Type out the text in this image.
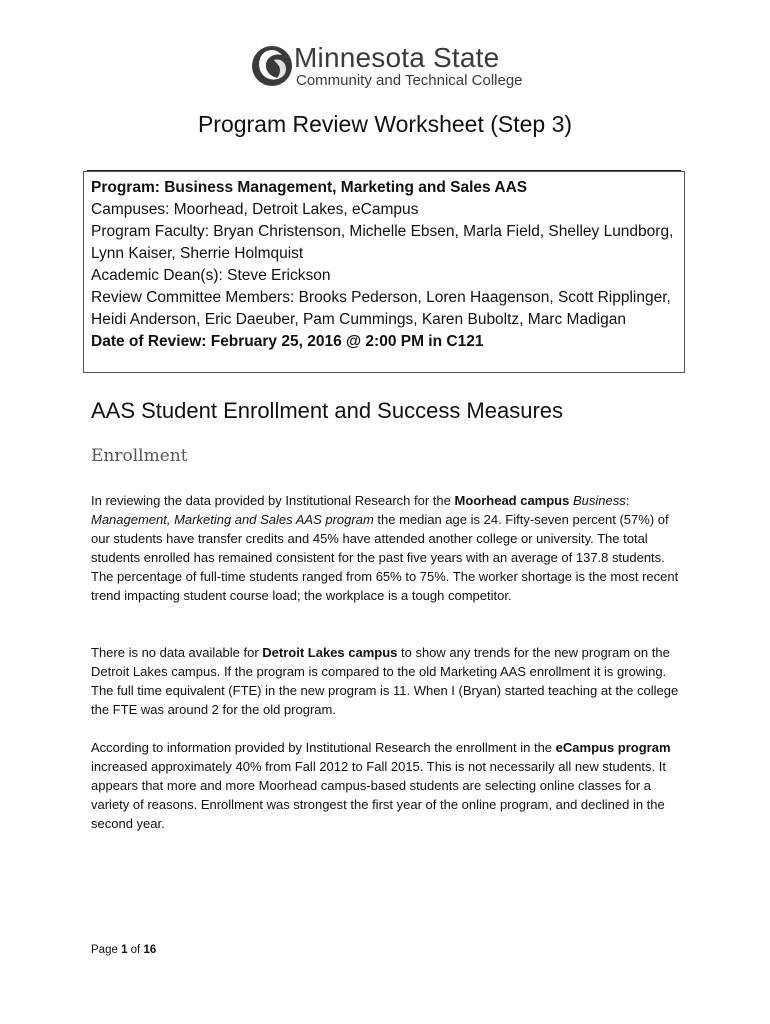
Minnesota State
Community and Technical College
Program Review Worksheet (Step 3)
Program: Business Management, Marketing and Sales AAS
Campuses: Moorhead, Detroit Lakes, eCampus
Program Faculty: Bryan Christenson, Michelle Ebsen, Marla Field, Shelley Lundborg, Lynn Kaiser, Sherrie Holmquist
Academic Dean(s): Steve Erickson
Review Committee Members: Brooks Pederson, Loren Haagenson, Scott Ripplinger, Heidi Anderson, Eric Daeuber, Pam Cummings, Karen Buboltz, Marc Madigan
Date of Review: February 25, 2016 @ 2:00 PM in C121
AAS Student Enrollment and Success Measures
Enrollment
In reviewing the data provided by Institutional Research for the Moorhead campus Business: Management, Marketing and Sales AAS program the median age is 24. Fifty-seven percent (57%) of our students have transfer credits and 45% have attended another college or university. The total students enrolled has remained consistent for the past five years with an average of 137.8 students. The percentage of full-time students ranged from 65% to 75%. The worker shortage is the most recent trend impacting student course load; the workplace is a tough competitor.
There is no data available for Detroit Lakes campus to show any trends for the new program on the Detroit Lakes campus. If the program is compared to the old Marketing AAS enrollment it is growing. The full time equivalent (FTE) in the new program is 11. When I (Bryan) started teaching at the college the FTE was around 2 for the old program.
According to information provided by Institutional Research the enrollment in the eCampus program increased approximately 40% from Fall 2012 to Fall 2015. This is not necessarily all new students. It appears that more and more Moorhead campus-based students are selecting online classes for a variety of reasons. Enrollment was strongest the first year of the online program, and declined in the second year.
Page 1 of 16
